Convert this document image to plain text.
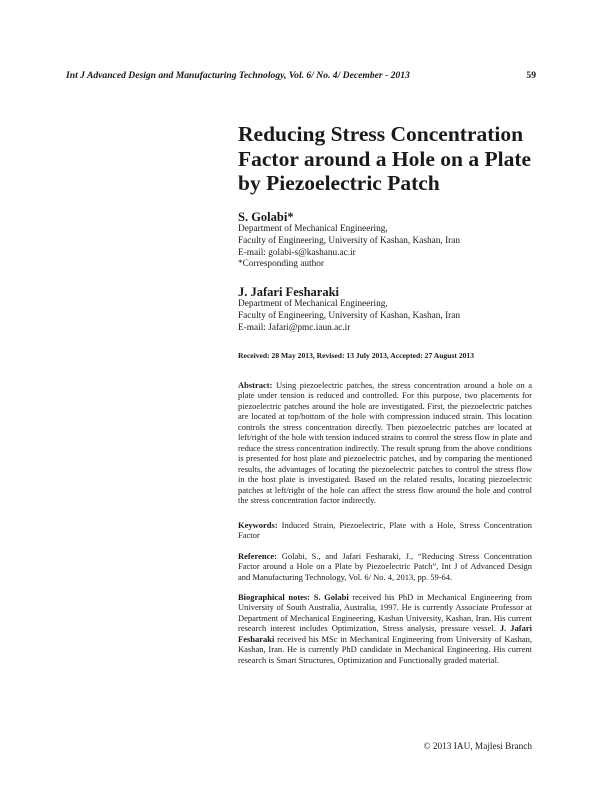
Int J Advanced Design and Manufacturing Technology, Vol. 6/ No. 4/ December - 2013	59
Reducing Stress Concentration Factor around a Hole on a Plate by Piezoelectric Patch
S. Golabi*
Department of Mechanical Engineering,
Faculty of Engineering, University of Kashan, Kashan, Iran
E-mail: golabi-s@kashanu.ac.ir
*Corresponding author
J. Jafari Fesharaki
Department of Mechanical Engineering,
Faculty of Engineering, University of Kashan, Kashan, Iran
E-mail: Jafari@pmc.iaun.ac.ir
Received: 28 May 2013, Revised: 13 July 2013, Accepted: 27 August 2013
Abstract: Using piezoelectric patches, the stress concentration around a hole on a plate under tension is reduced and controlled. For this purpose, two placements for piezoelectric patches around the hole are investigated. First, the piezoelectric patches are located at top/bottom of the hole with compression induced strain. This location controls the stress concentration directly. Then piezoelectric patches are located at left/right of the hole with tension induced strains to control the stress flow in plate and reduce the stress concentration indirectly. The result sprung from the above conditions is presented for host plate and piezoelectric patches, and by comparing the mentioned results, the advantages of locating the piezoelectric patches to control the stress flow in the host plate is investigated. Based on the related results, locating piezoelectric patches at left/right of the hole can affect the stress flow around the hole and control the stress concentration factor indirectly.
Keywords: Induced Strain, Piezoelectric, Plate with a Hole, Stress Concentration Factor
Reference: Golabi, S., and Jafari Fesharaki, J., “Reducing Stress Concentration Factor around a Hole on a Plate by Piezoelectric Patch”, Int J of Advanced Design and Manufacturing Technology, Vol. 6/ No. 4, 2013, pp. 59-64.
Biographical notes: S. Golabi received his PhD in Mechanical Engineering from University of South Australia, Australia, 1997. He is currently Associate Professor at Department of Mechanical Engineering, Kashan University, Kashan, Iran. His current research interest includes Optimization, Stress analysis, pressure vessel. J. Jafari Fesharaki received his MSc in Mechanical Engineering from University of Kashan, Kashan, Iran. He is currently PhD candidate in Mechanical Engineering. His current research is Smart Structures, Optimization and Functionally graded material.
© 2013 IAU, Majlesi Branch
